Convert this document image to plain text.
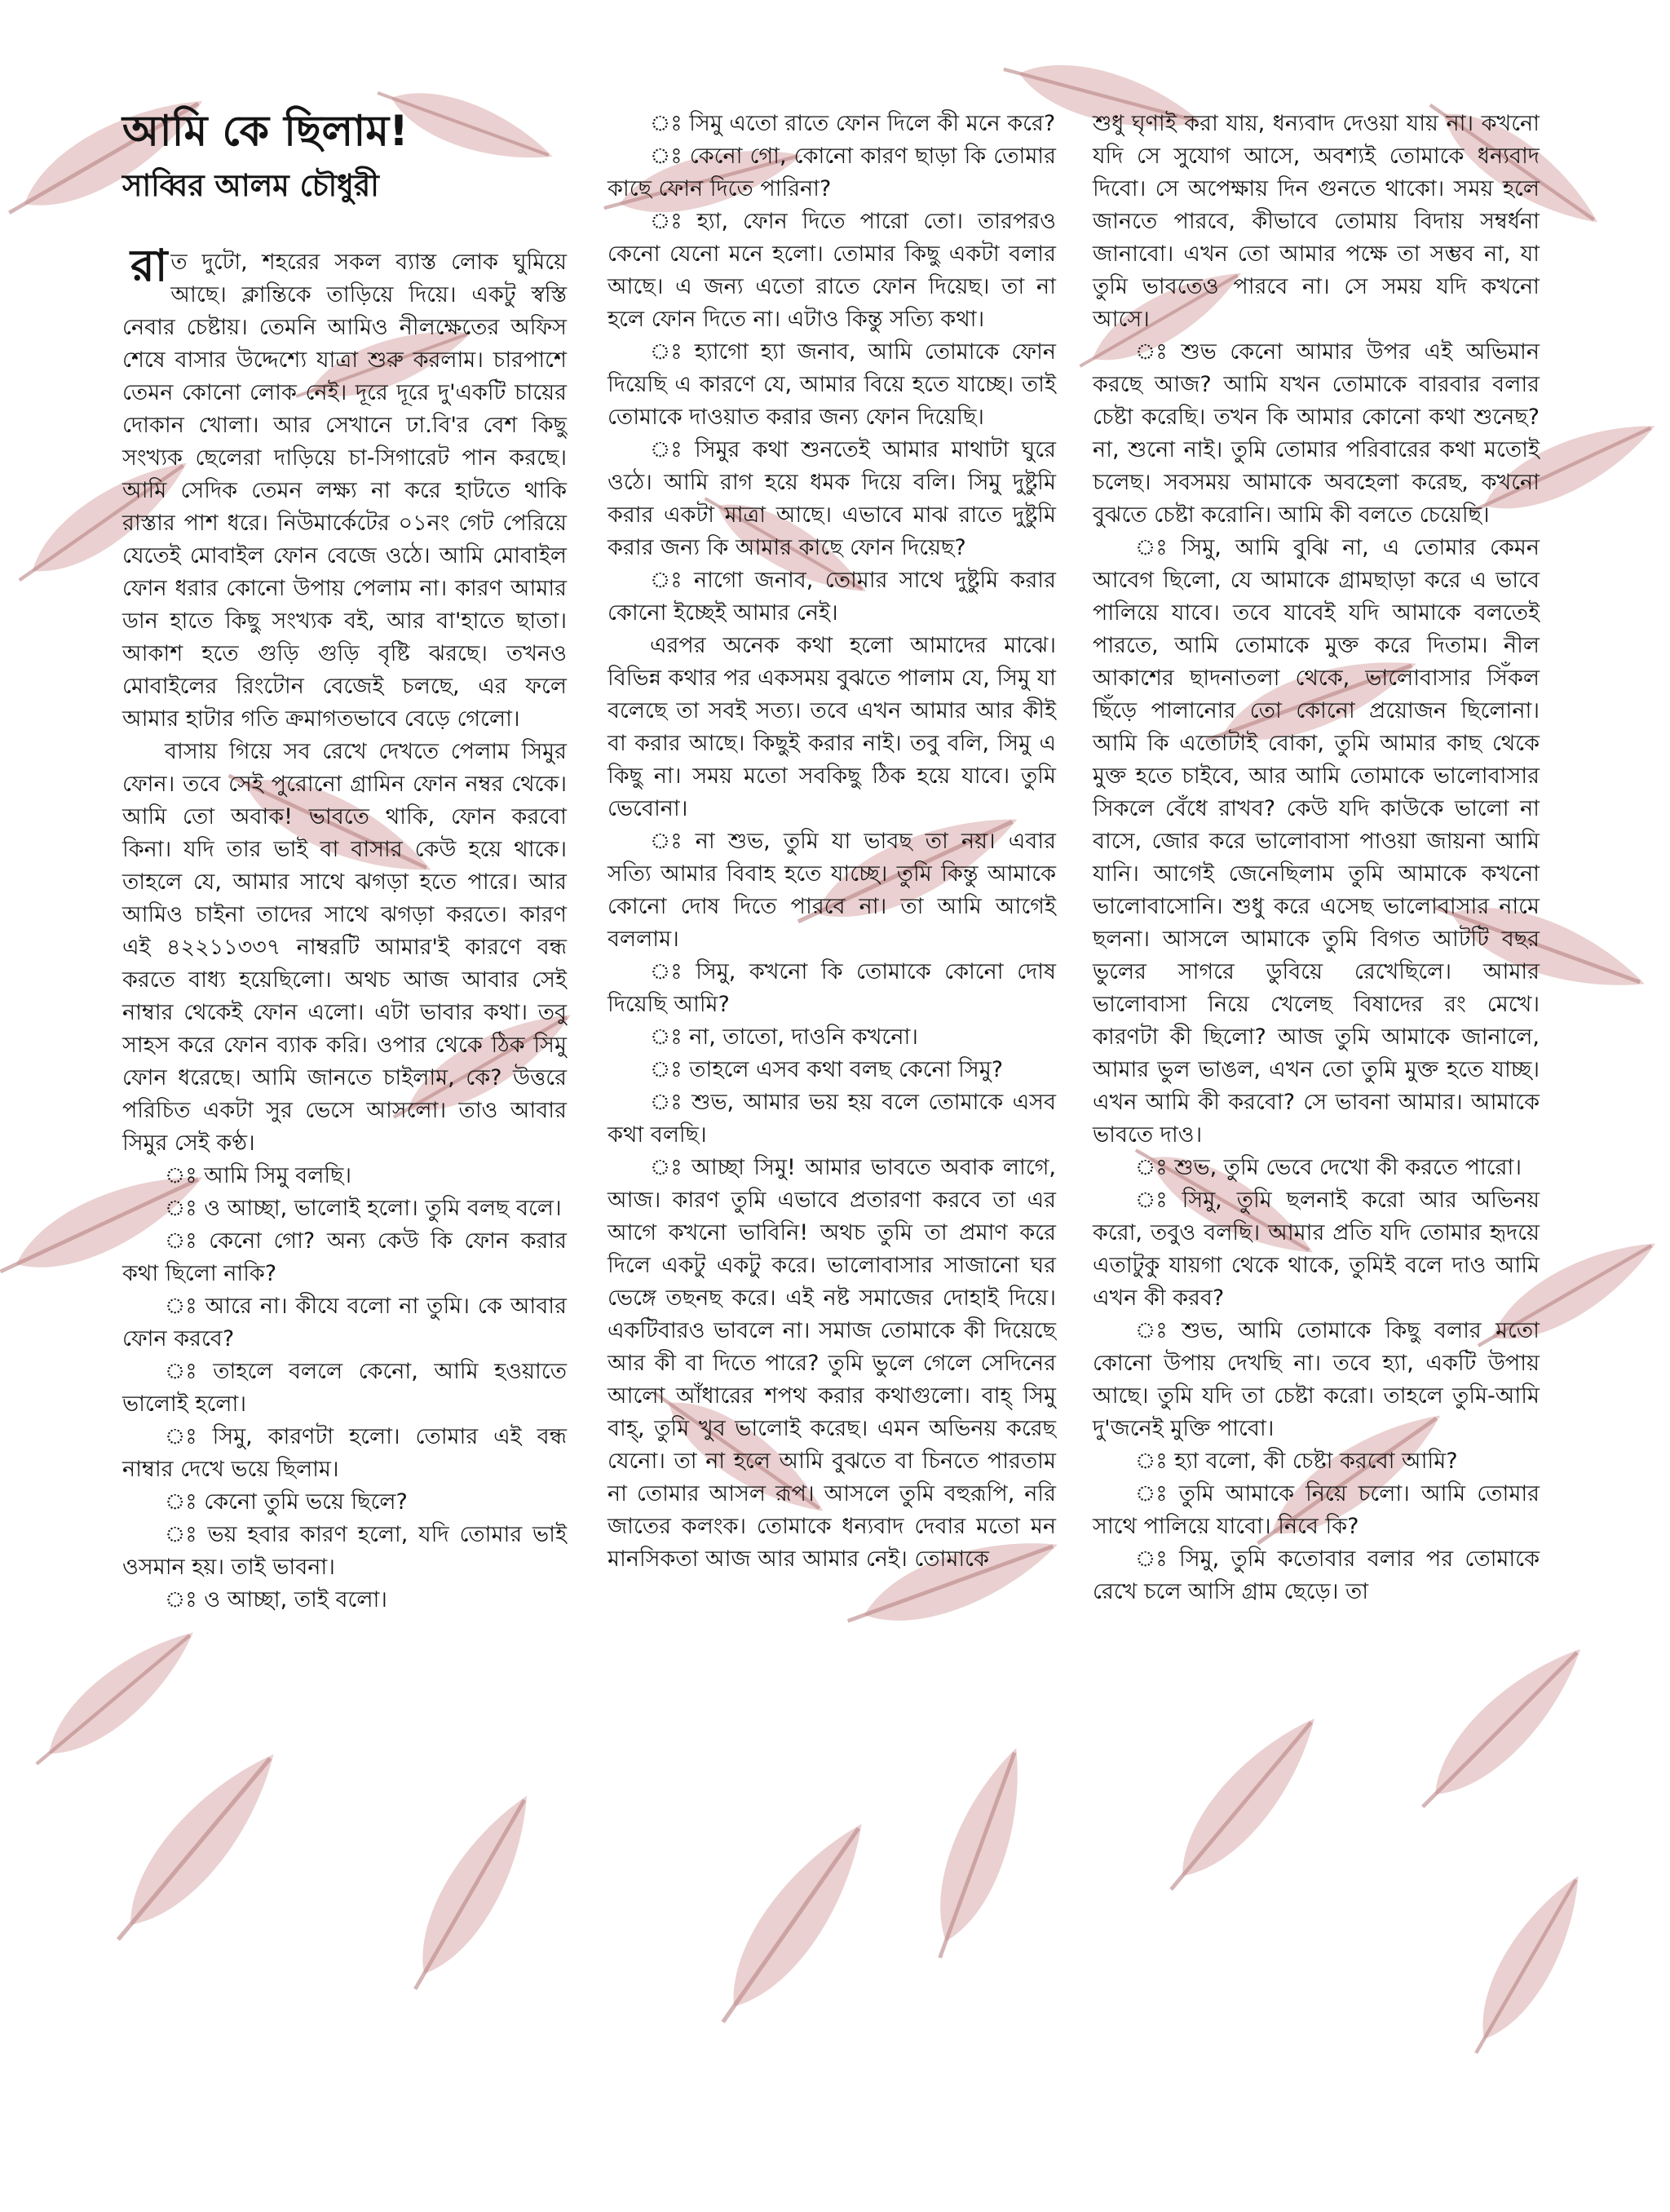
আমি কে ছিলাম!
সাব্বির আলম চৌধুরী

রাত দুটো, শহরের সকল ব্যাস্ত লোক ঘুমিয়ে আছে। ক্লান্তিকে তাড়িয়ে দিয়ে। একটু স্বস্তি নেবার চেষ্টায়। তেমনি আমিও নীলক্ষেতের অফিস শেষে বাসার উদ্দেশ্যে যাত্রা শুরু করলাম। চারপাশে তেমন কোনো লোক নেই। দূরে দূরে দু'একটি চায়ের দোকান খোলা। আর সেখানে ঢা.বি'র বেশ কিছু সংখ্যক ছেলেরা দাড়িয়ে চা-সিগারেট পান করছে। আমি সেদিক তেমন লক্ষ্য না করে হাটতে থাকি রাস্তার পাশ ধরে। নিউমার্কেটের ০১নং গেট পেরিয়ে যেতেই মোবাইল ফোন বেজে ওঠে। আমি মোবাইল ফোন ধরার কোনো উপায় পেলাম না। কারণ আমার ডান হাতে কিছু সংখ্যক বই, আর বা'হাতে ছাতা। আকাশ হতে গুড়ি গুড়ি বৃষ্টি ঝরছে। তখনও মোবাইলের রিংটোন বেজেই চলছে, এর ফলে আমার হাটার গতি ক্রমাগতভাবে বেড়ে গেলো।

বাসায় গিয়ে সব রেখে দেখতে পেলাম সিমুর ফোন। তবে সেই পুরোনো গ্রামিন ফোন নম্বর থেকে। আমি তো অবাক! ভাবতে থাকি, ফোন করবো কিনা। যদি তার ভাই বা বাসার কেউ হয়ে থাকে। তাহলে যে, আমার সাথে ঝগড়া হতে পারে। আর আমিও চাইনা তাদের সাথে ঝগড়া করতে। কারণ এই ৪২২১১৩৩৭ নাম্বরটি আমার'ই কারণে বন্ধ করতে বাধ্য হয়েছিলো। অথচ আজ আবার সেই নাম্বার থেকেই ফোন এলো। এটা ভাবার কথা। তবু সাহস করে ফোন ব্যাক করি। ওপার থেকে ঠিক সিমু ফোন ধরেছে। আমি জানতে চাইলাম, কে? উত্তরে পরিচিত একটা সুর ভেসে আসলো। তাও আবার সিমুর সেই কণ্ঠ।

ঃ আমি সিমু বলছি।

ঃ ও আচ্ছা, ভালোই হলো। তুমি বলছ বলে।

ঃ কেনো গো? অন্য কেউ কি ফোন করার কথা ছিলো নাকি?

ঃ আরে না। কীযে বলো না তুমি। কে আবার ফোন করবে?

ঃ তাহলে বললে কেনো, আমি হওয়াতে ভালোই হলো।

ঃ সিমু, কারণটা হলো। তোমার এই বন্ধ নাম্বার দেখে ভয়ে ছিলাম।

ঃ কেনো তুমি ভয়ে ছিলে?

ঃ ভয় হবার কারণ হলো, যদি তোমার ভাই ওসমান হয়। তাই ভাবনা।

ঃ ও আচ্ছা, তাই বলো।

ঃ সিমু এতো রাতে ফোন দিলে কী মনে করে?

ঃ কেনো গো, কোনো কারণ ছাড়া কি তোমার কাছে ফোন দিতে পারিনা?

ঃ হ্যা, ফোন দিতে পারো তো। তারপরও কেনো যেনো মনে হলো। তোমার কিছু একটা বলার আছে। এ জন্য এতো রাতে ফোন দিয়েছ। তা না হলে ফোন দিতে না। এটাও কিন্তু সত্যি কথা।

ঃ হ্যাগো হ্যা জনাব, আমি তোমাকে ফোন দিয়েছি এ কারণে যে, আমার বিয়ে হতে যাচ্ছে। তাই তোমাকে দাওয়াত করার জন্য ফোন দিয়েছি।

ঃ সিমুর কথা শুনতেই আমার মাথাটা ঘুরে ওঠে। আমি রাগ হয়ে ধমক দিয়ে বলি। সিমু দুষ্টুমি করার একটা মাত্রা আছে। এভাবে মাঝ রাতে দুষ্টুমি করার জন্য কি আমার কাছে ফোন দিয়েছ?

ঃ নাগো জনাব, তোমার সাথে দুষ্টুমি করার কোনো ইচ্ছেই আমার নেই।

এরপর অনেক কথা হলো আমাদের মাঝে। বিভিন্ন কথার পর একসময় বুঝতে পালাম যে, সিমু যা বলেছে তা সবই সত্য। তবে এখন আমার আর কীই বা করার আছে। কিছুই করার নাই। তবু বলি, সিমু এ কিছু না। সময় মতো সবকিছু ঠিক হয়ে যাবে। তুমি ভেবোনা।

ঃ না শুভ, তুমি যা ভাবছ তা নয়। এবার সত্যি আমার বিবাহ হতে যাচ্ছে। তুমি কিন্তু আমাকে কোনো দোষ দিতে পারবে না। তা আমি আগেই বললাম।

ঃ সিমু, কখনো কি তোমাকে কোনো দোষ দিয়েছি আমি?

ঃ না, তাতো, দাওনি কখনো।

ঃ তাহলে এসব কথা বলছ কেনো সিমু?

ঃ শুভ, আমার ভয় হয় বলে তোমাকে এসব কথা বলছি।

ঃ আচ্ছা সিমু! আমার ভাবতে অবাক লাগে, আজ। কারণ তুমি এভাবে প্রতারণা করবে তা এর আগে কখনো ভাবিনি! অথচ তুমি তা প্রমাণ করে দিলে একটু একটু করে। ভালোবাসার সাজানো ঘর ভেঙ্গে তছনছ করে। এই নষ্ট সমাজের দোহাই দিয়ে। একটিবারও ভাবলে না। সমাজ তোমাকে কী দিয়েছে আর কী বা দিতে পারে? তুমি ভুলে গেলে সেদিনের আলো আঁধারের শপথ করার কথাগুলো। বাহ্ সিমু বাহ্, তুমি খুব ভালোই করেছ। এমন অভিনয় করেছ যেনো। তা না হলে আমি বুঝতে বা চিনতে পারতাম না তোমার আসল রূপ। আসলে তুমি বহুরূপি, নরি জাতের কলংক। তোমাকে ধন্যবাদ দেবার মতো মন মানসিকতা আজ আর আমার নেই। তোমাকে

শুধু ঘৃণাই করা যায়, ধন্যবাদ দেওয়া যায় না। কখনো যদি সে সুযোগ আসে, অবশ্যই তোমাকে ধন্যবাদ দিবো। সে অপেক্ষায় দিন গুনতে থাকো। সময় হলে জানতে পারবে, কীভাবে তোমায় বিদায় সম্বর্ধনা জানাবো। এখন তো আমার পক্ষে তা সম্ভব না, যা তুমি ভাবতেও পারবে না। সে সময় যদি কখনো আসে।

ঃ শুভ কেনো আমার উপর এই অভিমান করছে আজ? আমি যখন তোমাকে বারবার বলার চেষ্টা করেছি। তখন কি আমার কোনো কথা শুনেছ? না, শুনো নাই। তুমি তোমার পরিবারের কথা মতোই চলেছ। সবসময় আমাকে অবহেলা করেছ, কখনো বুঝতে চেষ্টা করোনি। আমি কী বলতে চেয়েছি।

ঃ সিমু, আমি বুঝি না, এ তোমার কেমন আবেগ ছিলো, যে আমাকে গ্রামছাড়া করে এ ভাবে পালিয়ে যাবে। তবে যাবেই যদি আমাকে বলতেই পারতে, আমি তোমাকে মুক্ত করে দিতাম। নীল আকাশের ছাদনাতলা থেকে, ভালোবাসার সিঁকল ছিঁড়ে পালানোর তো কোনো প্রয়োজন ছিলোনা। আমি কি এতোটাই বোকা, তুমি আমার কাছ থেকে মুক্ত হতে চাইবে, আর আমি তোমাকে ভালোবাসার সিকলে বেঁধে রাখব? কেউ যদি কাউকে ভালো না বাসে, জোর করে ভালোবাসা পাওয়া জায়না আমি যানি। আগেই জেনেছিলাম তুমি আমাকে কখনো ভালোবাসোনি। শুধু করে এসেছ ভালোবাসার নামে ছলনা। আসলে আমাকে তুমি বিগত আটটি বছর ভুলের সাগরে ডুবিয়ে রেখেছিলে। আমার ভালোবাসা নিয়ে খেলেছ বিষাদের রং মেখে। কারণটা কী ছিলো? আজ তুমি আমাকে জানালে, আমার ভুল ভাঙল, এখন তো তুমি মুক্ত হতে যাচ্ছ। এখন আমি কী করবো? সে ভাবনা আমার। আমাকে ভাবতে দাও।

ঃ শুভ, তুমি ভেবে দেখো কী করতে পারো।

ঃ সিমু, তুমি ছলনাই করো আর অভিনয় করো, তবুও বলছি। আমার প্রতি যদি তোমার হৃদয়ে এতাটুকু যায়গা থেকে থাকে, তুমিই বলে দাও আমি এখন কী করব?

ঃ শুভ, আমি তোমাকে কিছু বলার মতো কোনো উপায় দেখছি না। তবে হ্যা, একটি উপায় আছে। তুমি যদি তা চেষ্টা করো। তাহলে তুমি-আমি দু'জনেই মুক্তি পাবো।

ঃ হ্যা বলো, কী চেষ্টা করবো আমি?

ঃ তুমি আমাকে নিয়ে চলো। আমি তোমার সাথে পালিয়ে যাবো। নিবে কি?

ঃ সিমু, তুমি কতোবার বলার পর তোমাকে রেখে চলে আসি গ্রাম ছেড়ে। তা
